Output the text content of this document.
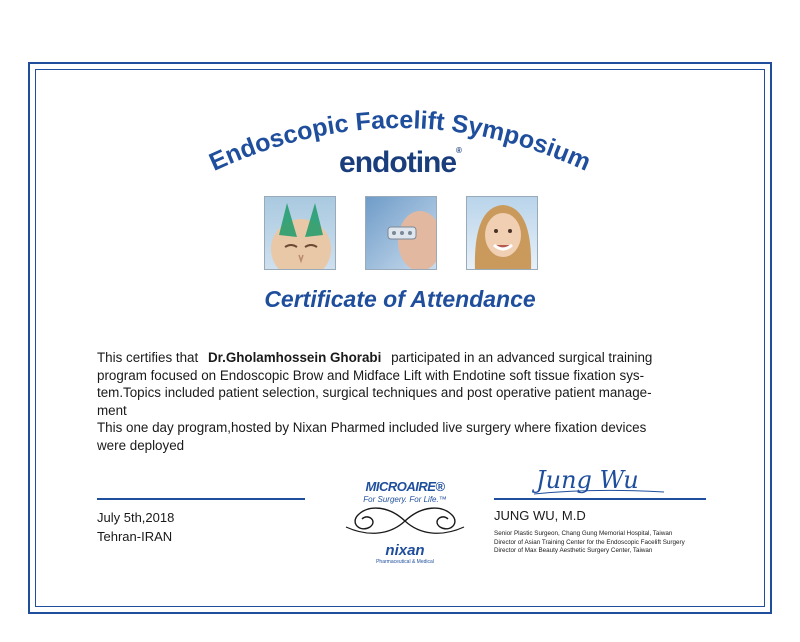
Endoscopic Facelift Symposium
endotine®
Certificate of Attendance

This certifies that Dr.Gholamhossein Ghorabi participated in an advanced surgical training

program focused on Endoscopic Brow and Midface Lift with Endotine soft tissue fixation sys-

tem.Topics included patient selection, surgical techniques and post operative patient manage-

ment

This one day program,hosted by Nixan Pharmed included live surgery where fixation devices

were deployed

July 5th,2018
Tehran-IRAN
Jung Wu
JUNG WU, M.D
Senior Plastic Surgeon, Chang Gung Memorial Hospital, Taiwan
Director of Asian Training Center for the Endoscopic Facelift Surgery
Director of Max Beauty Aesthetic Surgery Center, Taiwan
MICROAIRE®
For Surgery. For Life.™
nixan
Pharmaceutical & Medical
